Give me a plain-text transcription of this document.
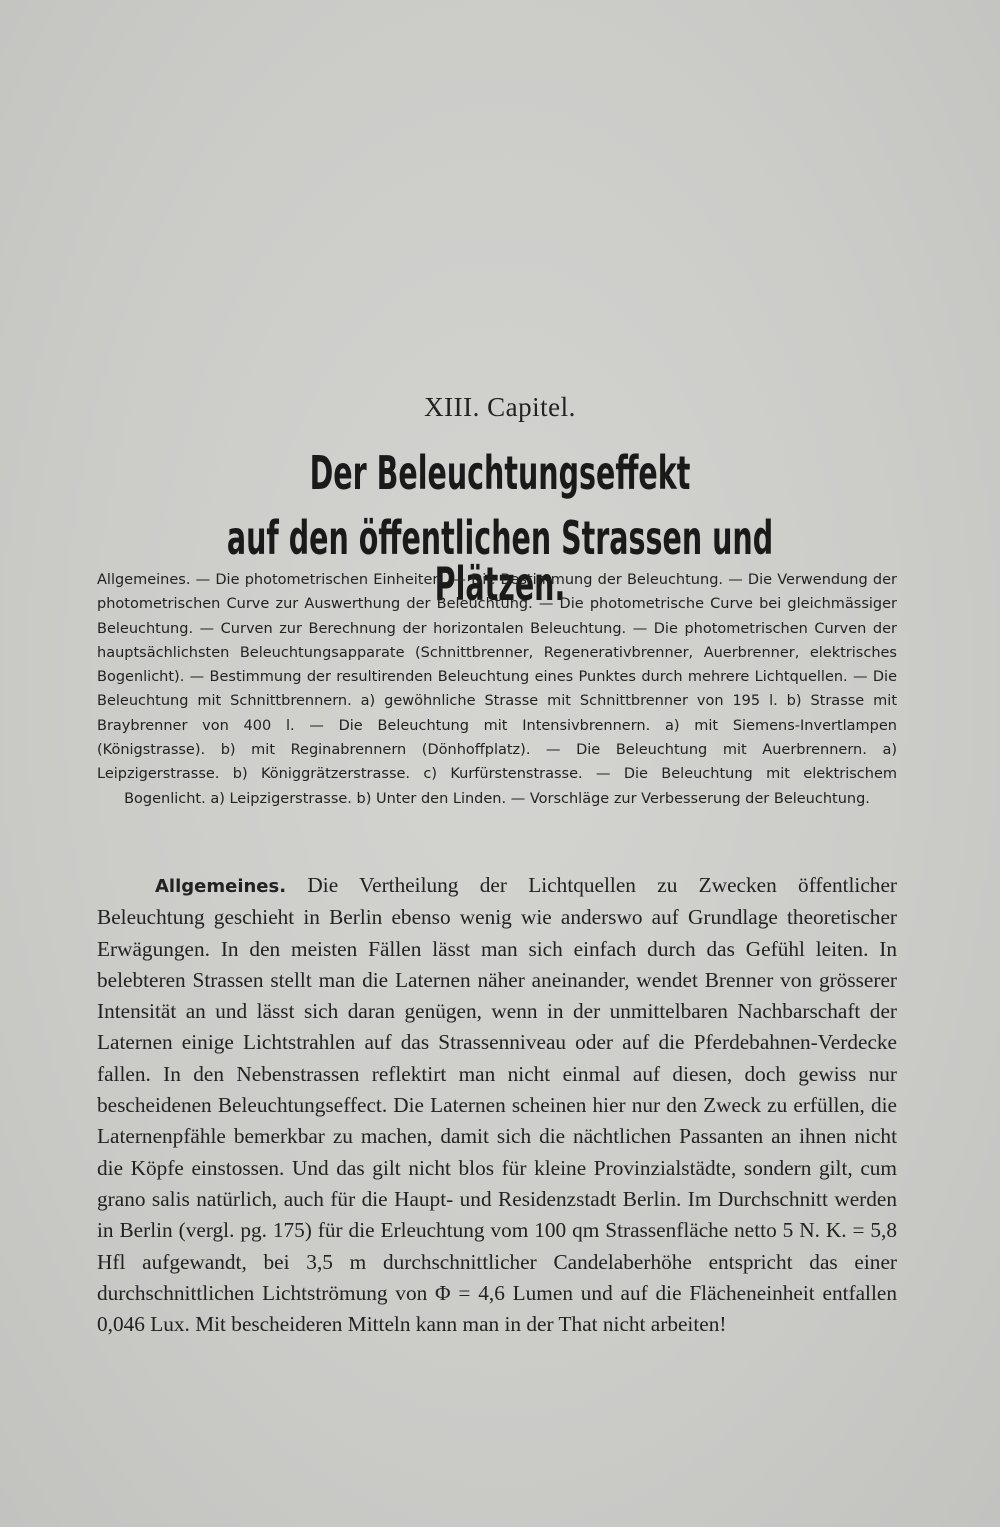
XIII. Capitel.
Der Beleuchtungseffekt
auf den öffentlichen Strassen und Plätzen.
Allgemeines. — Die photometrischen Einheiten. — Die Bestimmung der Beleuchtung. — Die Verwendung der photometrischen Curve zur Auswerthung der Beleuchtung. — Die photometrische Curve bei gleichmässiger Beleuchtung. — Curven zur Berechnung der horizontalen Beleuchtung. — Die photometrischen Curven der hauptsächlichsten Beleuchtungsapparate (Schnittbrenner, Regenerativbrenner, Auerbrenner, elektrisches Bogenlicht). — Bestimmung der resultirenden Beleuchtung eines Punktes durch mehrere Lichtquellen. — Die Beleuchtung mit Schnittbrennern. a) gewöhnliche Strasse mit Schnittbrenner von 195 l. b) Strasse mit Braybrenner von 400 l. — Die Beleuchtung mit Intensivbrennern. a) mit Siemens-Invertlampen (Königstrasse). b) mit Reginabrennern (Dönhoffplatz). — Die Beleuchtung mit Auerbrennern. a) Leipzigerstrasse. b) Königgrätzerstrasse. c) Kurfürstenstrasse. — Die Beleuchtung mit elektrischem Bogenlicht. a) Leipzigerstrasse. b) Unter den Linden. — Vorschläge zur Verbesserung der Beleuchtung.
Allgemeines. Die Vertheilung der Lichtquellen zu Zwecken öffentlicher Beleuchtung geschieht in Berlin ebenso wenig wie anderswo auf Grundlage theoretischer Erwägungen. In den meisten Fällen lässt man sich einfach durch das Gefühl leiten. In belebteren Strassen stellt man die Laternen näher aneinander, wendet Brenner von grösserer Intensität an und lässt sich daran genügen, wenn in der unmittelbaren Nachbarschaft der Laternen einige Lichtstrahlen auf das Strassenniveau oder auf die Pferdebahnen-Verdecke fallen. In den Nebenstrassen reflektirt man nicht einmal auf diesen, doch gewiss nur bescheidenen Beleuchtungseffect. Die Laternen scheinen hier nur den Zweck zu erfüllen, die Laternenpfähle bemerkbar zu machen, damit sich die nächtlichen Passanten an ihnen nicht die Köpfe einstossen. Und das gilt nicht blos für kleine Provinzialstädte, sondern gilt, cum grano salis natürlich, auch für die Haupt- und Residenzstadt Berlin. Im Durchschnitt werden in Berlin (vergl. pg. 175) für die Erleuchtung vom 100 qm Strassenfläche netto 5 N. K. = 5,8 Hfl aufgewandt, bei 3,5 m durchschnittlicher Candelaberhöhe entspricht das einer durchschnittlichen Lichtströmung von Φ = 4,6 Lumen und auf die Flächeneinheit entfallen 0,046 Lux. Mit bescheideren Mitteln kann man in der That nicht arbeiten!
